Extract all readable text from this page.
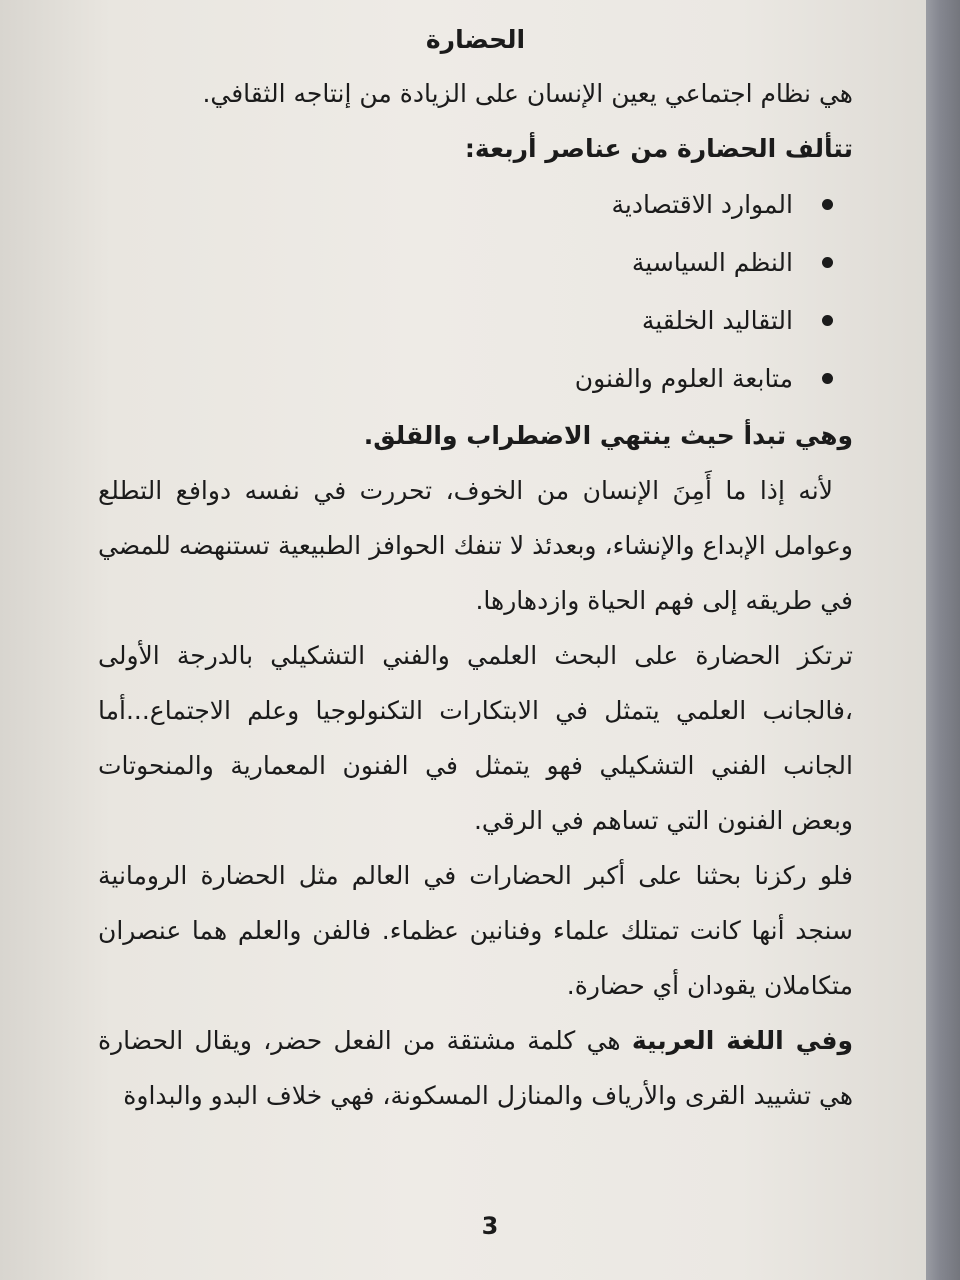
الحضارة

هي نظام اجتماعي يعين الإنسان على الزيادة من إنتاجه الثقافي.

تتألف الحضارة من عناصر أربعة:

الموارد الاقتصادية
النظم السياسية
التقاليد الخلقية
متابعة العلوم والفنون

وهي تبدأ حيث ينتهي الاضطراب والقلق.

لأنه إذا ما أَمِنَ الإنسان من الخوف، تحررت في نفسه دوافع التطلع وعوامل الإبداع والإنشاء، وبعدئذ لا تنفك الحوافز الطبيعية تستنهضه للمضي في طريقه إلى فهم الحياة وازدهارها.

ترتكز الحضارة على البحث العلمي والفني التشكيلي بالدرجة الأولى ،فالجانب العلمي يتمثل في الابتكارات التكنولوجيا وعلم الاجتماع...أما الجانب الفني التشكيلي فهو يتمثل في الفنون المعمارية والمنحوتات وبعض الفنون التي تساهم في الرقي.

فلو ركزنا بحثنا على أكبر الحضارات في العالم مثل الحضارة الرومانية سنجد أنها كانت تمتلك علماء وفنانين عظماء. فالفن والعلم هما عنصران متكاملان يقودان أي حضارة.

وفي اللغة العربية هي كلمة مشتقة من الفعل حضر، ويقال الحضارة هي تشييد القرى والأرياف والمنازل المسكونة، فهي خلاف البدو والبداوة

3
